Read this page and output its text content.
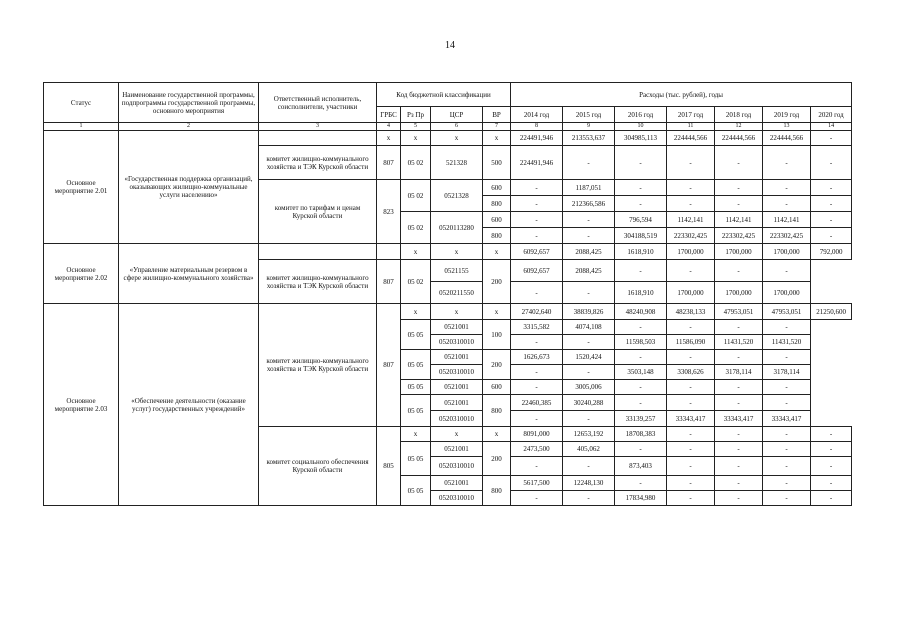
14
Статус	Наименование государственной программы, подпрограммы государственной программы, основного мероприятия	Ответственный исполнитель, соисполнители, участники	Код бюджетной классификации				Расходы (тыс. рублей), годы						
			ГРБС	Рз Пр	ЦСР	ВР	2014 год	2015 год	2016 год	2017 год	2018 год	2019 год	2020 год
1	2	3	4	5	6	7	8	9	10	11	12	13	14
Основное мероприятие 2.01	«Государственная поддержка организаций, оказывающих жилищно-коммунальные услуги населению»		х	х	х	х	224491,946	213553,637	304985,113	224444,566	224444,566	224444,566	-
		комитет жилищно-коммунального хозяйства и ТЭК Курской области	807	05 02	521328	500	224491,946	-	-	-	-	-	-

		комитет по тарифам и ценам Курской области	823	05 02	0521328	600	-	1187,051	-	-	-	-	-
						800	-	212366,586	-	-	-	-	-
				05 02	0520113280	600	-	-	796,594	1142,141	1142,141	1142,141	-
						800	-	-	304188,519	223302,425	223302,425	223302,425	-
Основное мероприятие 2.02	«Управление материальным резервом в сфере жилищно-коммунального хозяйства»			х	х	х	6092,657	2088,425	1618,910	1700,000	1700,000	1700,000	792,000
		комитет жилищно-коммунального хозяйства и ТЭК Курской области	807	05 02	0521155	200	6092,657	2088,425	-	-	-	-	
					0520211550		-	-	1618,910	1700,000	1700,000	1700,000	
Основное мероприятие 2.03	«Обеспечение деятельности (оказание услуг) государственных учреждений»	комитет жилищно-коммунального хозяйства и ТЭК Курской области	807	х	х	х	27402,640	38839,826	48240,908	48238,133	47953,051	47953,051	21250,600
				05 05	0521001	100	3315,582	4074,108	-	-	-	-	
					0520310010		-	-	11598,503	11586,090	11431,520	11431,520	
				05 05	0521001	200	1626,673	1520,424	-	-	-	-	
					0520310010		-	-	3503,148	3308,626	3178,114	3178,114	
				05 05	0521001	600	-	3005,006	-	-	-	-	
				05 05	0521001	800	22460,385	30240,288	-	-	-	-	
					0520310010		-	-	33139,257	33343,417	33343,417	33343,417	

		комитет социального обеспечения Курской области	805	х	х	х	8091,000	12653,192	18708,383	-	-	-	-
				05 05	0521001	200	2473,500	405,062	-	-	-	-	-
					0520310010		-	-	873,403	-	-	-	-
				05 05	0521001	800	5617,500	12248,130	-	-	-	-	-
					0520310010		-	-	17834,980	-	-	-	-
